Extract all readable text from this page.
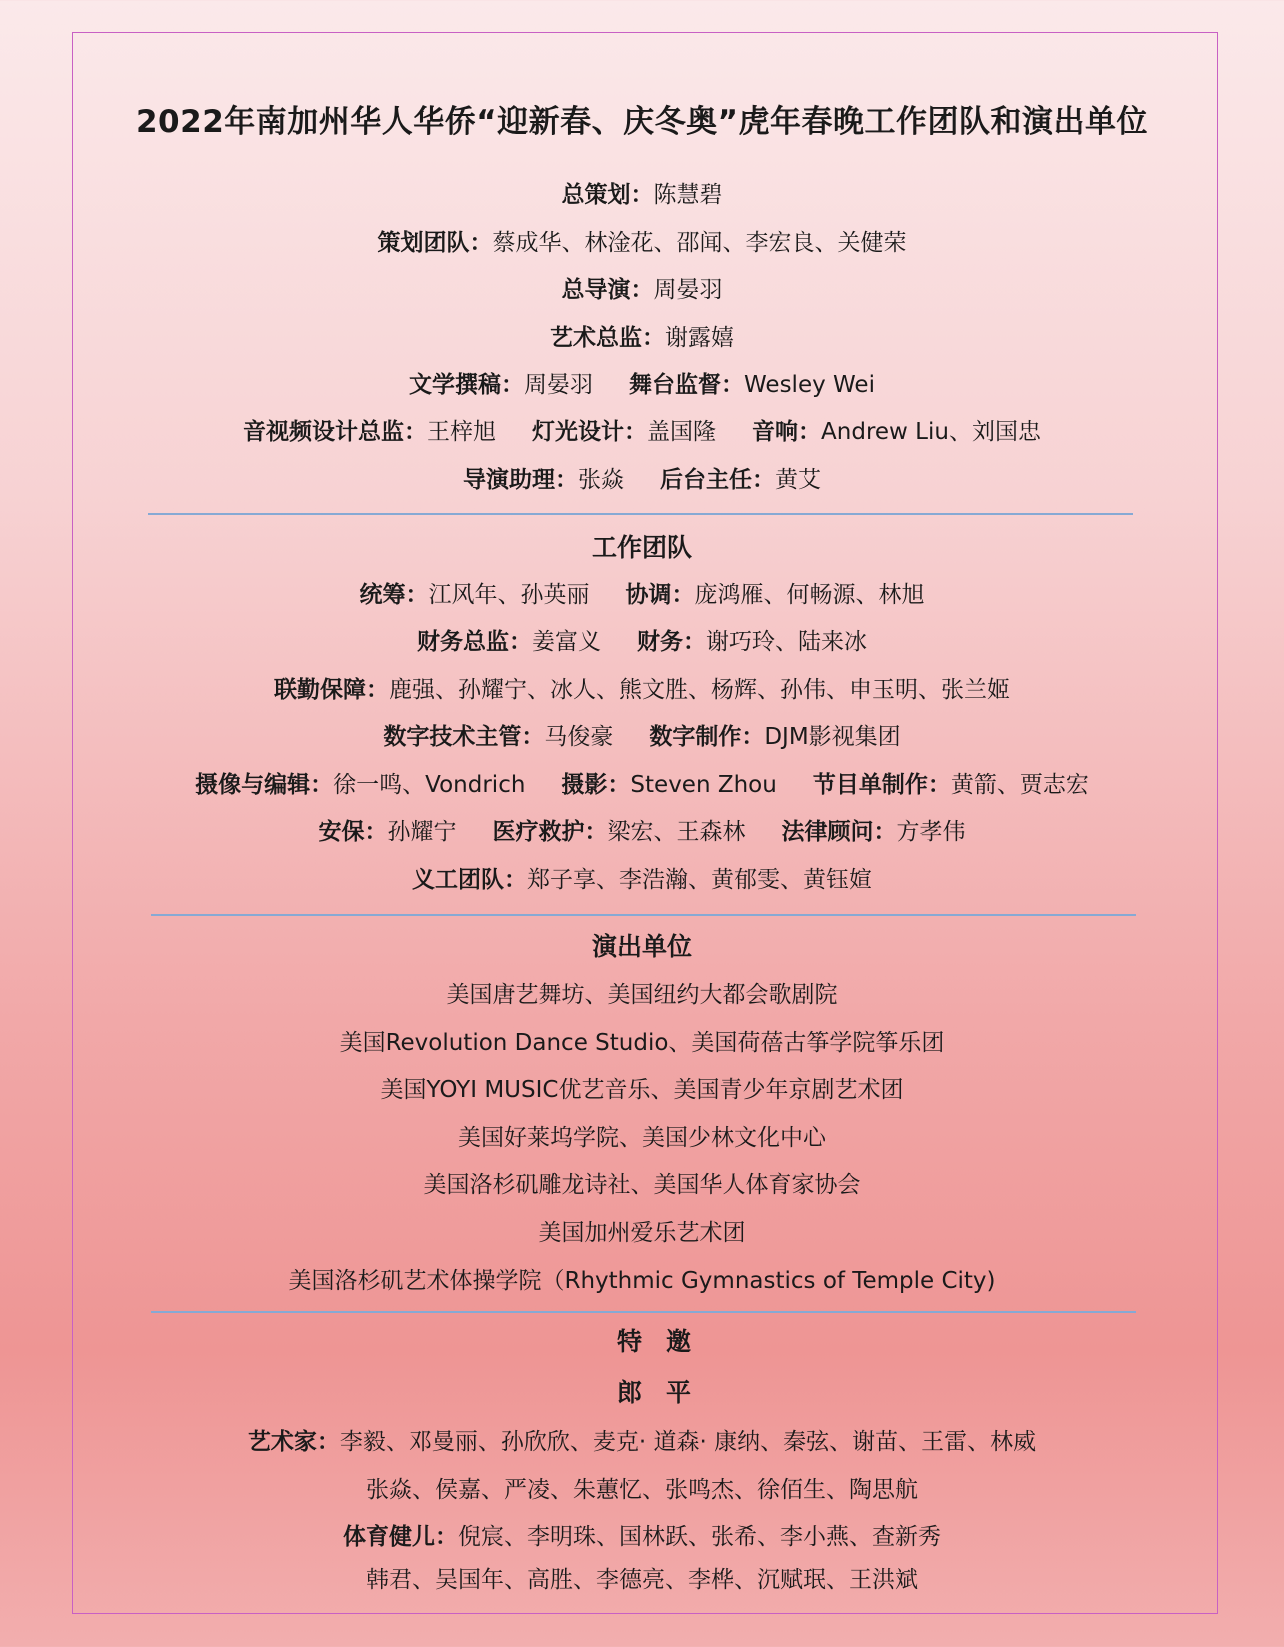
2022年南加州华人华侨“迎新春、庆冬奥”虎年春晚工作团队和演出单位
总策划：陈慧碧
策划团队：蔡成华、林淦花、邵闻、李宏良、关健荣
总导演：周晏羽
艺术总监：谢露嬉
文学撰稿：周晏羽 舞台监督：Wesley Wei
音视频设计总监：王梓旭 灯光设计：盖国隆 音响：Andrew Liu、刘国忠
导演助理：张焱 后台主任：黄艾
工作团队
统筹：江风年、孙英丽 协调：庞鸿雁、何畅源、林旭
财务总监：姜富义 财务：谢巧玲、陆来冰
联勤保障：鹿强、孙耀宁、冰人、熊文胜、杨辉、孙伟、申玉明、张兰姬
数字技术主管：马俊豪 数字制作：DJM影视集团
摄像与编辑：徐一鸣、Vondrich 摄影：Steven Zhou 节目单制作：黄箭、贾志宏
安保：孙耀宁 医疗救护：梁宏、王森林 法律顾问：方孝伟
义工团队：郑子享、李浩瀚、黄郁雯、黄钰媗
演出单位
美国唐艺舞坊、美国纽约大都会歌剧院
美国Revolution Dance Studio、美国荷蓓古筝学院筝乐团
美国YOYI MUSIC优艺音乐、美国青少年京剧艺术团
美国好莱坞学院、美国少林文化中心
美国洛杉矶雕龙诗社、美国华人体育家协会
美国加州爱乐艺术团
美国洛杉矶艺术体操学院（Rhythmic Gymnastics of Temple City)
特邀
郎平
艺术家：李毅、邓曼丽、孙欣欣、麦克· 道森· 康纳、秦弦、谢苗、王雷、林威
张焱、侯嘉、严凌、朱蕙忆、张鸣杰、徐佰生、陶思航
体育健儿：倪宸、李明珠、国林跃、张希、李小燕、查新秀
韩君、吴国年、高胜、李德亮、李桦、沉赋珉、王洪斌
